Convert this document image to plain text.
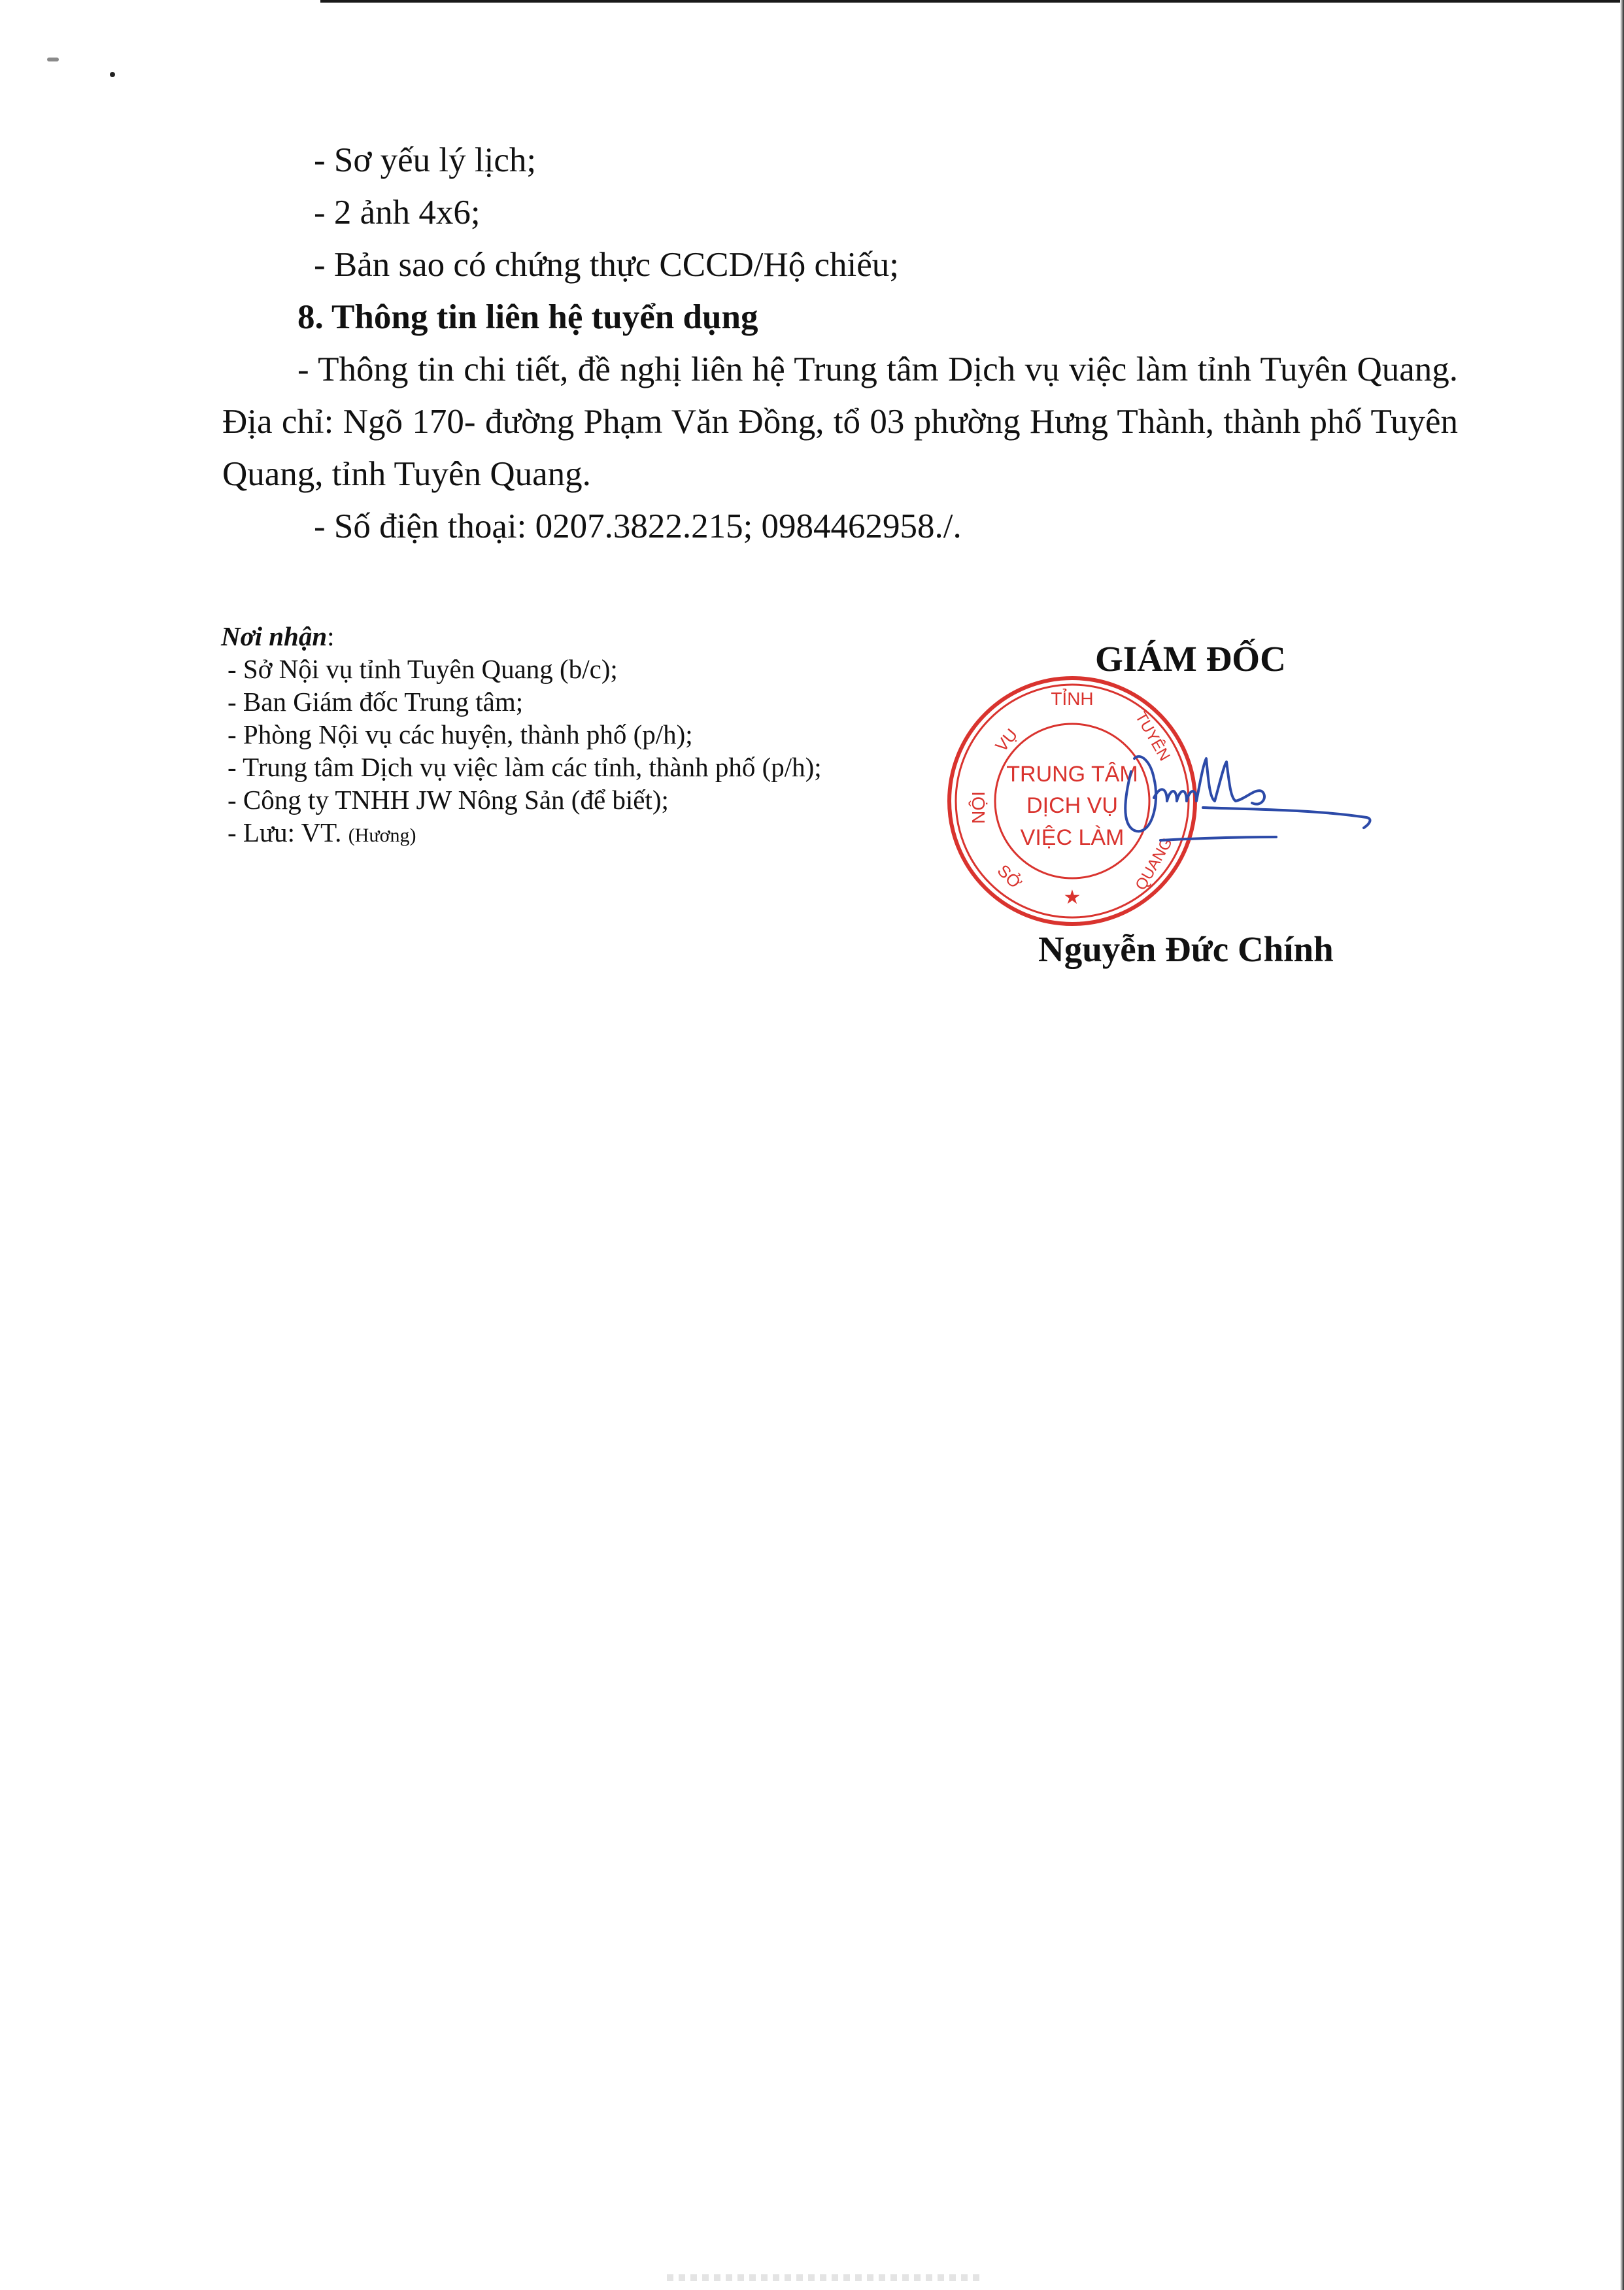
- Sơ yếu lý lịch;
- 2 ảnh 4x6;
- Bản sao có chứng thực CCCD/Hộ chiếu;
8. Thông tin liên hệ tuyển dụng
- Thông tin chi tiết, đề nghị liên hệ Trung tâm Dịch vụ việc làm tỉnh Tuyên Quang. Địa chỉ: Ngõ 170- đường Phạm Văn Đồng, tổ 03 phường Hưng Thành, thành phố Tuyên Quang, tỉnh Tuyên Quang.
- Số điện thoại: 0207.3822.215; 0984462958./.
Nơi nhận:
- Sở Nội vụ tỉnh Tuyên Quang (b/c);
- Ban Giám đốc Trung tâm;
- Phòng Nội vụ các huyện, thành phố (p/h);
- Trung tâm Dịch vụ việc làm các tỉnh, thành phố (p/h);
- Công ty TNHH JW Nông Sản (để biết);
- Lưu: VT. (Hương)
GIÁM ĐỐC
TỈNH
NỘI
VỤ
SỞ
TUYÊN
QUANG
★
TRUNG TÂM
DỊCH VỤ
VIỆC LÀM
Nguyễn Đức Chính
